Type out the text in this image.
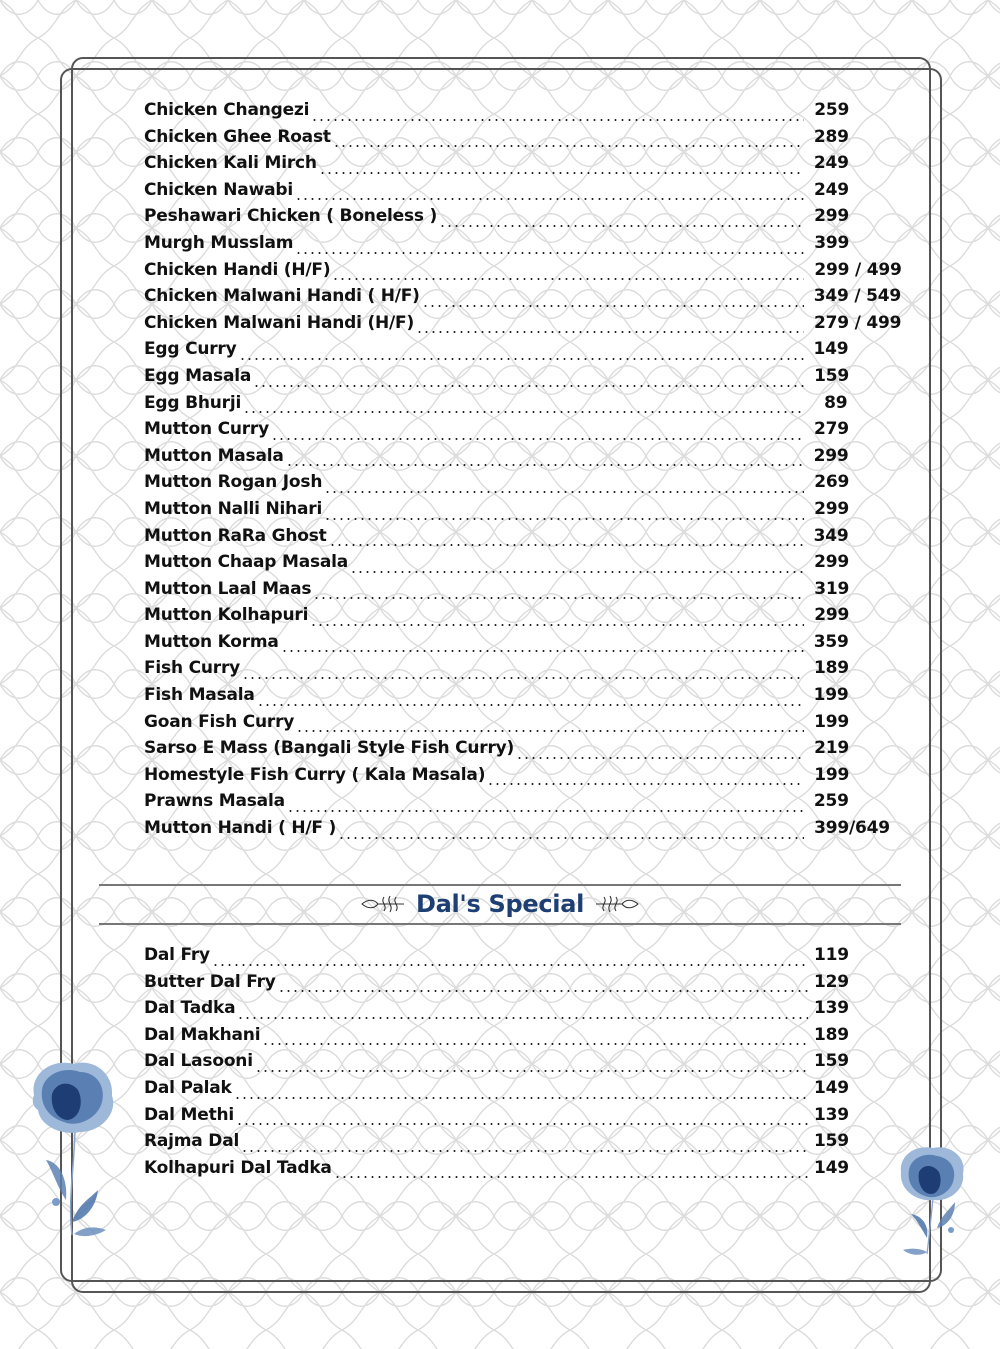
Chicken Changezi	259
Chicken Ghee Roast	289
Chicken Kali Mirch	249
Chicken Nawabi	249
Peshawari Chicken ( Boneless )	299
Murgh Musslam	399
Chicken Handi (H/F)	299 / 499
Chicken Malwani Handi ( H/F)	349 / 549
Chicken Malwani Handi (H/F)	279 / 499
Egg Curry	149
Egg Masala	159
Egg Bhurji	89
Mutton Curry	279
Mutton Masala	299
Mutton Rogan Josh	269
Mutton Nalli Nihari	299
Mutton RaRa Ghost	349
Mutton Chaap Masala	299
Mutton Laal Maas	319
Mutton Kolhapuri	299
Mutton Korma	359
Fish Curry	189
Fish Masala	199
Goan Fish Curry	199
Sarso E Mass (Bangali Style Fish Curry)	219
Homestyle Fish Curry ( Kala Masala)	199
Prawns Masala	259
Mutton Handi ( H/F )	399/649
Dal's Special
Dal Fry	119
Butter Dal Fry	129
Dal Tadka	139
Dal Makhani	189
Dal Lasooni	159
Dal Palak	149
Dal Methi	139
Rajma Dal	159
Kolhapuri Dal Tadka	149
